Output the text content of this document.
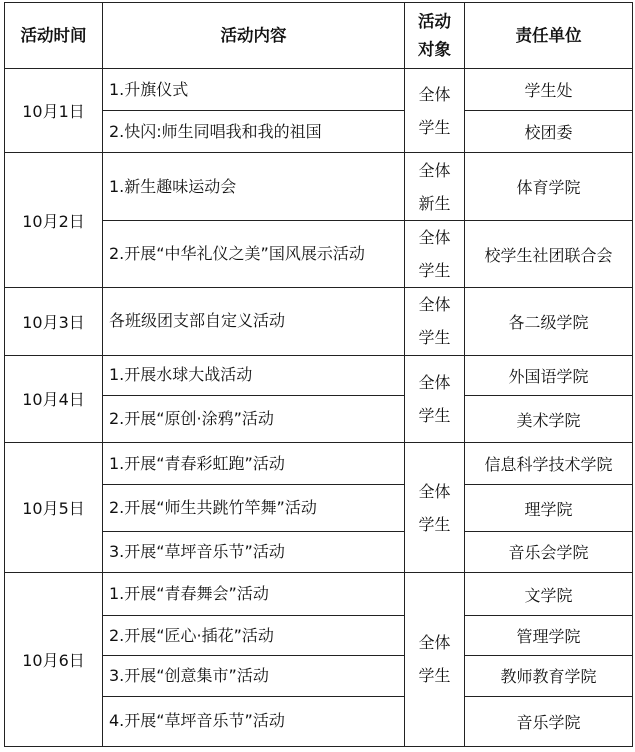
活动时间	活动内容	活动对象	责任单位
10月1日	1.升旗仪式	全体学生	学生处
	2.快闪:师生同唱我和我的祖国		校团委
10月2日	1.新生趣味运动会	全体新生	体育学院
	2.开展“中华礼仪之美”国风展示活动	全体学生	校学生社团联合会
10月3日	各班级团支部自定义活动	全体学生	各二级学院
10月4日	1.开展水球大战活动	全体学生	外国语学院
	2.开展“原创·涂鸦”活动		美术学院
10月5日	1.开展“青春彩虹跑”活动	全体学生	信息科学技术学院
	2.开展“师生共跳竹竿舞”活动		理学院
	3.开展“草坪音乐节”活动		音乐会学院
10月6日	1.开展“青春舞会”活动	全体学生	文学院
	2.开展“匠心·插花”活动		管理学院
	3.开展“创意集市”活动		教师教育学院
	4.开展“草坪音乐节”活动		音乐学院
